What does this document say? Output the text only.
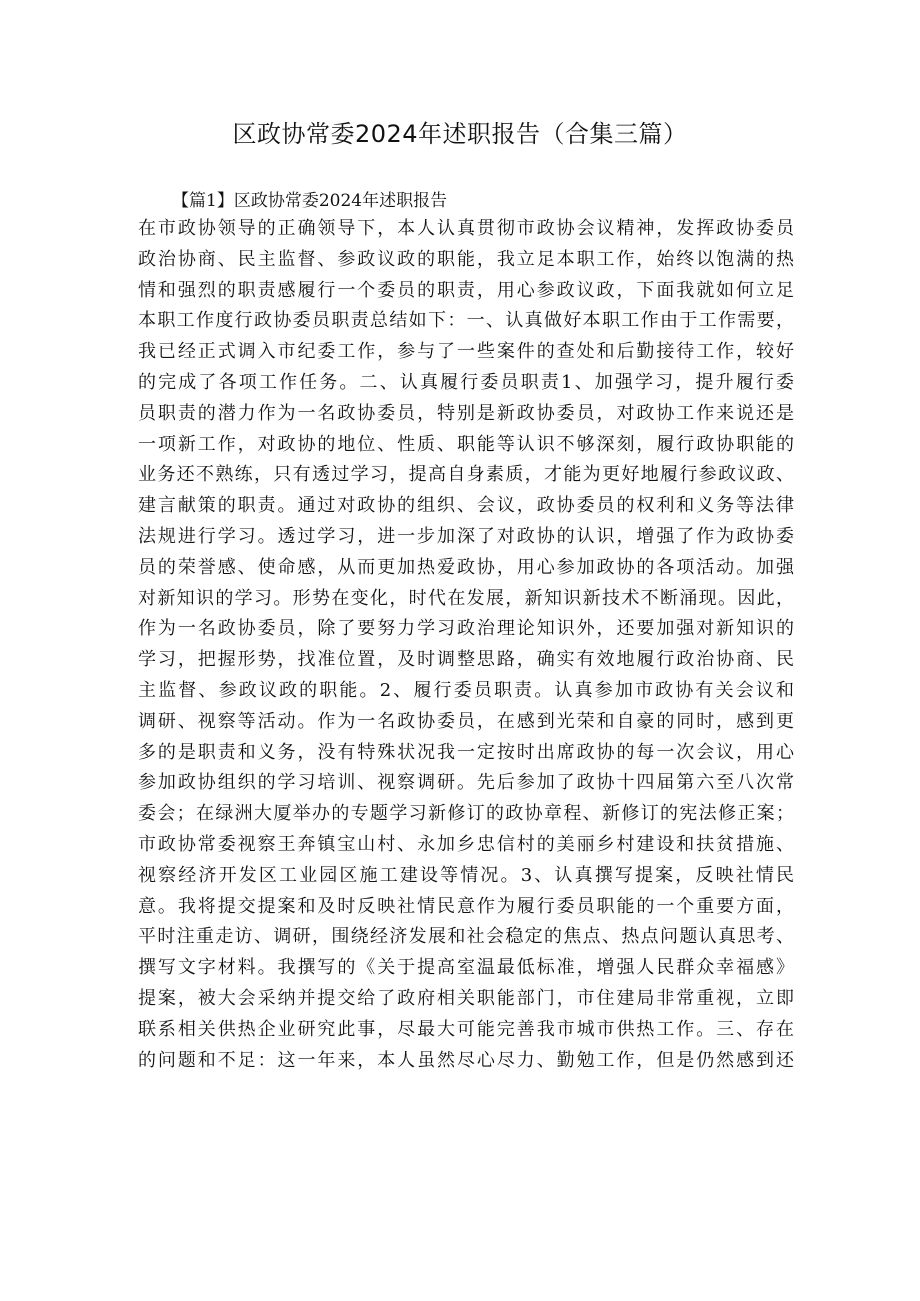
区政协常委2024年述职报告（合集三篇）
【篇1】区政协常委2024年述职报告
在市政协领导的正确领导下，本人认真贯彻市政协会议精神，发挥政协委员
政治协商、民主监督、参政议政的职能，我立足本职工作，始终以饱满的热
情和强烈的职责感履行一个委员的职责，用心参政议政，下面我就如何立足
本职工作度行政协委员职责总结如下：一、认真做好本职工作由于工作需要，
我已经正式调入市纪委工作，参与了一些案件的查处和后勤接待工作，较好
的完成了各项工作任务。二、认真履行委员职责1、加强学习，提升履行委
员职责的潜力作为一名政协委员，特别是新政协委员，对政协工作来说还是
一项新工作，对政协的地位、性质、职能等认识不够深刻，履行政协职能的
业务还不熟练，只有透过学习，提高自身素质，才能为更好地履行参政议政、
建言献策的职责。通过对政协的组织、会议，政协委员的权利和义务等法律
法规进行学习。透过学习，进一步加深了对政协的认识，增强了作为政协委
员的荣誉感、使命感，从而更加热爱政协，用心参加政协的各项活动。加强
对新知识的学习。形势在变化，时代在发展，新知识新技术不断涌现。因此，
作为一名政协委员，除了要努力学习政治理论知识外，还要加强对新知识的
学习，把握形势，找准位置，及时调整思路，确实有效地履行政治协商、民
主监督、参政议政的职能。2、履行委员职责。认真参加市政协有关会议和
调研、视察等活动。作为一名政协委员，在感到光荣和自豪的同时，感到更
多的是职责和义务，没有特殊状况我一定按时出席政协的每一次会议，用心
参加政协组织的学习培训、视察调研。先后参加了政协十四届第六至八次常
委会；在绿洲大厦举办的专题学习新修订的政协章程、新修订的宪法修正案；
市政协常委视察王奔镇宝山村、永加乡忠信村的美丽乡村建设和扶贫措施、
视察经济开发区工业园区施工建设等情况。3、认真撰写提案，反映社情民
意。我将提交提案和及时反映社情民意作为履行委员职能的一个重要方面，
平时注重走访、调研，围绕经济发展和社会稳定的焦点、热点问题认真思考、
撰写文字材料。我撰写的《关于提高室温最低标准，增强人民群众幸福感》
提案，被大会采纳并提交给了政府相关职能部门，市住建局非常重视，立即
联系相关供热企业研究此事，尽最大可能完善我市城市供热工作。三、存在
的问题和不足：这一年来，本人虽然尽心尽力、勤勉工作，但是仍然感到还
